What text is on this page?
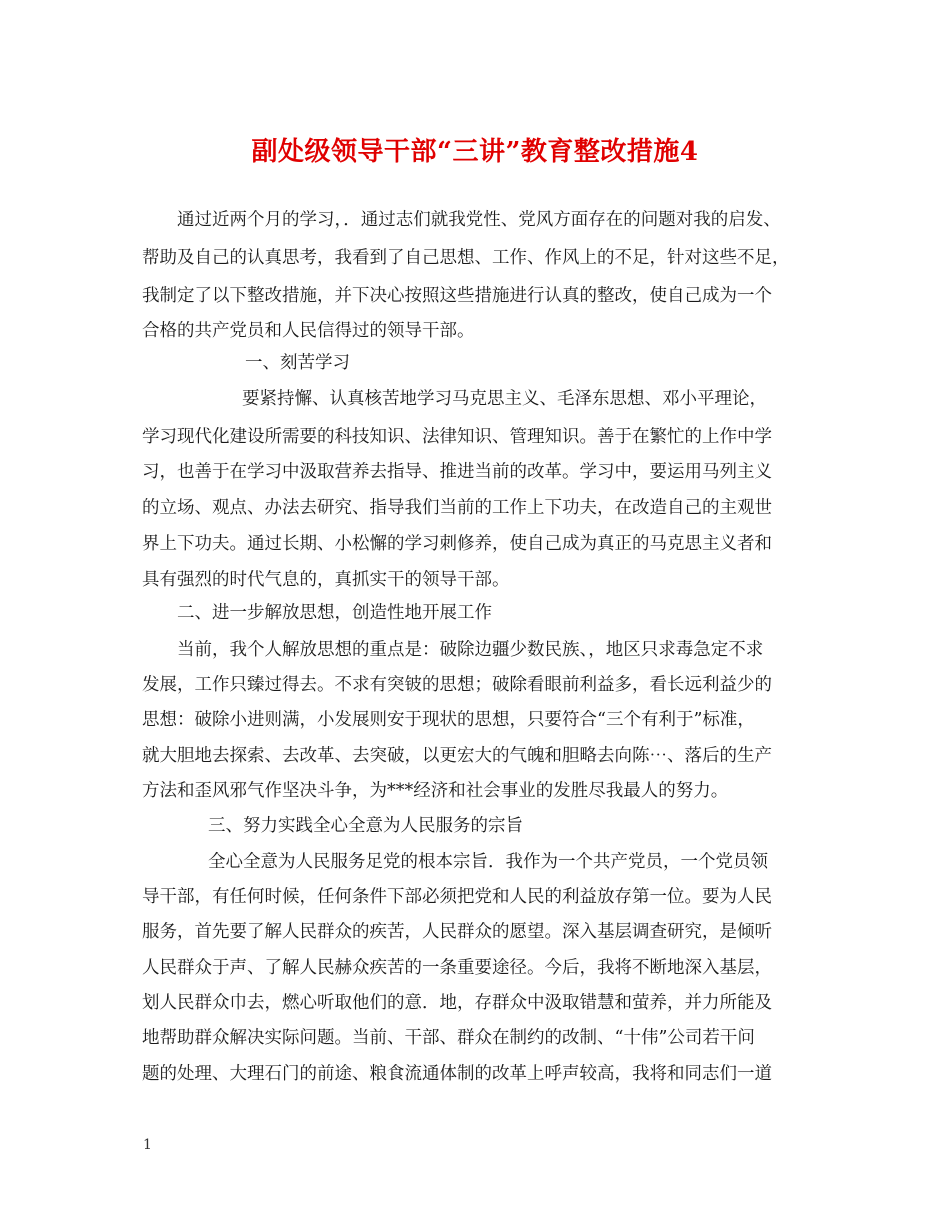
副处级领导干部“三讲”教育整改措施4

通过近两个月的学习，．通过志们就我党性、党风方面存在的问题对我的启发、

帮助及自己的认真思考，我看到了自己思想、工作、作风上的不足，针对这些不足，

我制定了以下整改措施，并下决心按照这些措施进行认真的整改，使自己成为一个

合格的共产党员和人民信得过的领导干部。

一、刻苦学习

要紧持懈、认真核苦地学习马克思主义、毛泽东思想、邓小平理论，

学习现代化建设所需要的科技知识、法律知识、管理知识。善于在繁忙的上作中学

习，也善于在学习中汲取营养去指导、推进当前的改革。学习中，要运用马列主义

的立场、观点、办法去研究、指导我们当前的工作上下功夫，在改造自己的主观世

界上下功夫。通过长期、小松懈的学习刺修养，使自己成为真正的马克思主义者和

具有强烈的时代气息的，真抓实干的领导干部。

二、进一步解放思想，创造性地开展工作

当前，我个人解放思想的重点是：破除边疆少数民族、，地区只求毒急定不求

发展，工作只臻过得去。不求有突铍的思想；破除看眼前利益多，看长远利益少的

思想：破除小进则满，小发展则安于现状的思想，只要符合“三个有利于”标准，

就大胆地去探索、去改革、去突破，以更宏大的气魄和胆略去向陈⋯、落后的生产

方法和歪风邪气作坚决斗争，为***经济和社会事业的发胜尽我最人的努力。

三、努力实践全心全意为人民服务的宗旨

全心全意为人民服务足党的根本宗旨．我作为一个共产党员，一个党员领

导干部，有任何时候，任何条件下部必须把党和人民的利益放存第一位。要为人民

服务，首先要了解人民群众的疾苦，人民群众的愿望。深入基层调查研究，是倾听

人民群众于声、了解人民赫众疾苦的一条重要途径。今后，我将不断地深入基层，

划人民群众巾去，燃心听取他们的意．地，存群众中汲取错慧和萤养，并力所能及

地帮助群众解决实际问题。当前、干部、群众在制约的改制、“十伟”公司若干问

题的处理、大理石门的前途、粮食流通体制的改革上呼声较高，我将和同志们一道

1
